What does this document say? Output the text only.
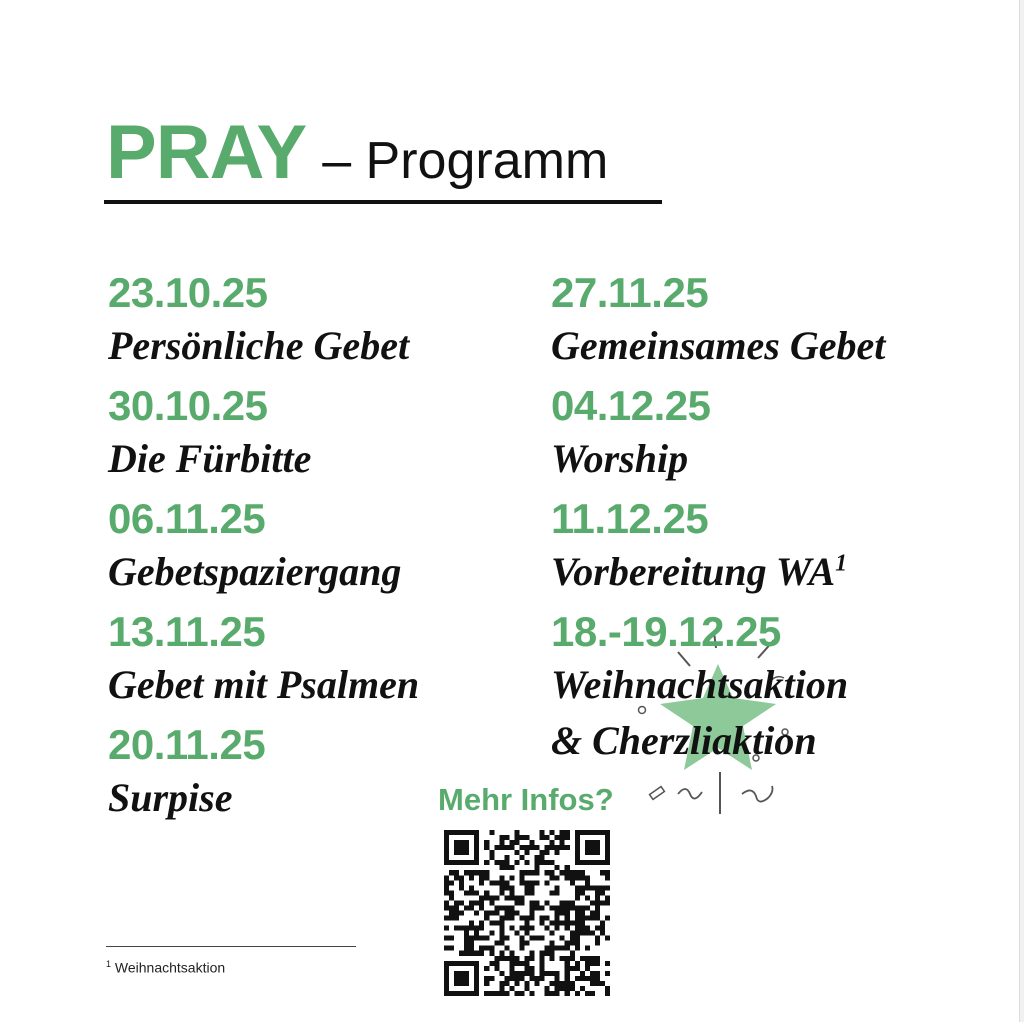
PRAY – Programm
23.10.25
Persönliche Gebet
30.10.25
Die Fürbitte
06.11.25
Gebetspaziergang
13.11.25
Gebet mit Psalmen
20.11.25
Surpise
27.11.25
Gemeinsames Gebet
04.12.25
Worship
11.12.25
Vorbereitung $WA^1$
18.-19.12.25
Weihnachtsaktion
& Cherzliaktion
Mehr Infos?
$^1$ Weihnachtsaktion
